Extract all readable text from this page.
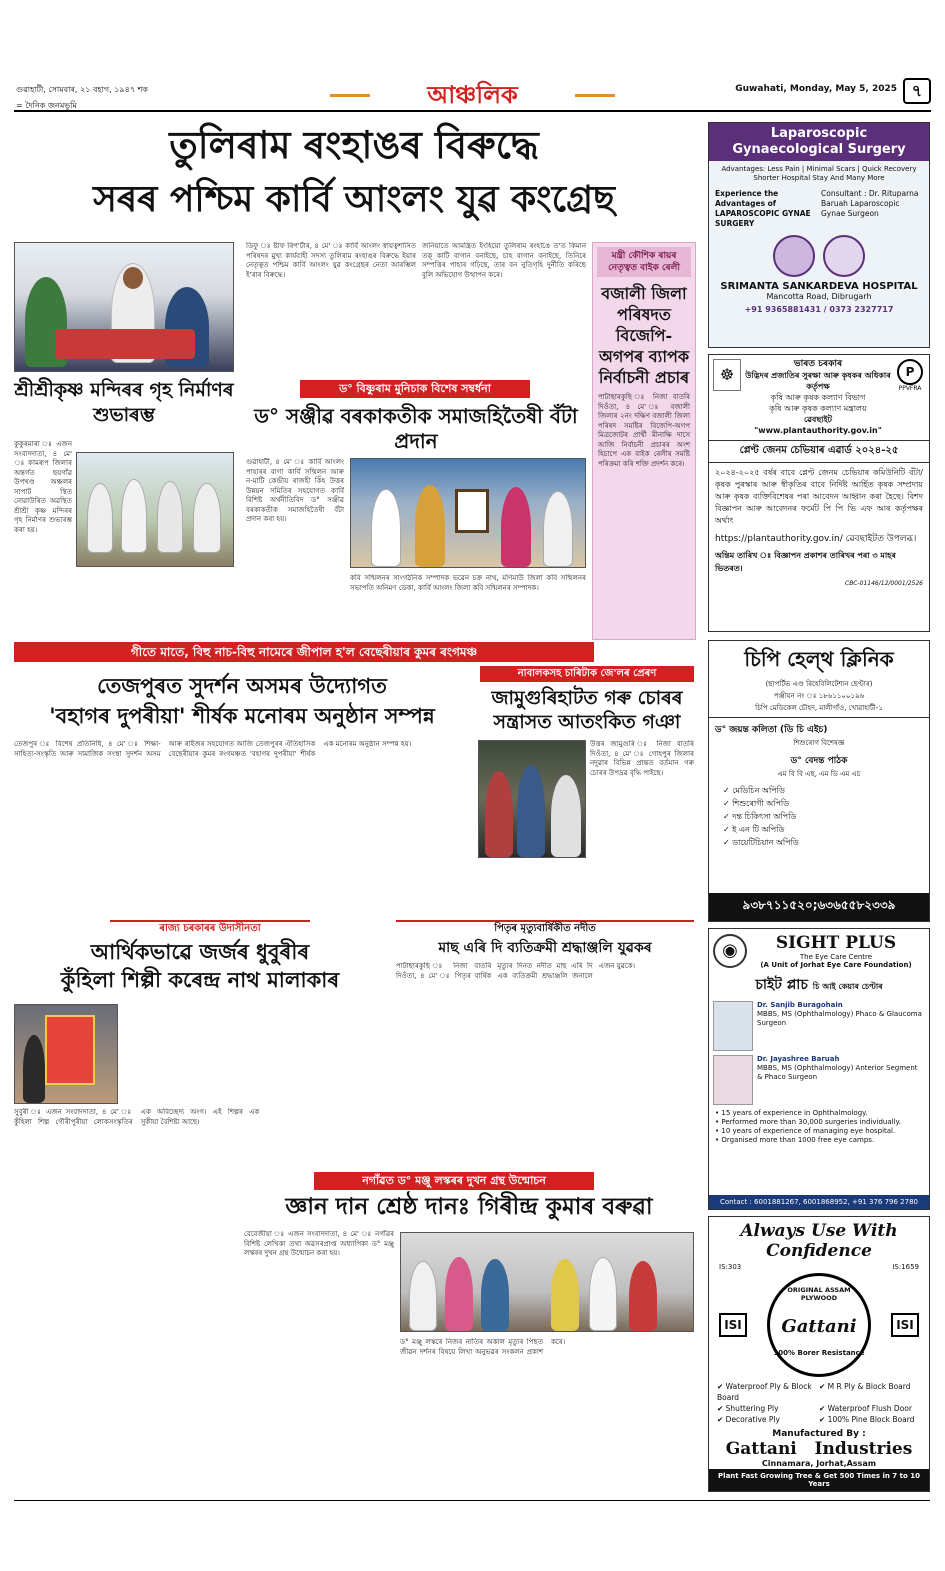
গুৱাহাটী, সোমবাৰ, ২১ বহাগ, ১৯৪৭ শক
= দৈনিক জনমভূমি	আঞ্চলিক	Guwahati, Monday, May 5, 2025 ৭
তুলিৰাম ৰংহাঙৰ বিৰুদ্ধে
সৰৰ পশ্চিম কাৰ্বি আংলং যুৱ কংগ্ৰেছ
ডিফু ঃ ষ্টাফ ৰিপ'ৰ্টাৰ, ৪ মে' ঃ কাৰ্বি আংলং স্বায়ত্বশাসিত পৰিষদৰ মুখ্য কাৰ্যবাহী সদস্য তুলিৰাম ৰংহাঙৰ বিৰুদ্ধে ইয়াৰ নেতৃত্বত পশ্চিম কাৰ্বি আংলং যুৱ কংগ্ৰেছৰ নেতা আৰম্ভিল ই'ৰাৰ বিৰুদ্ধে।
জনিয়াতে আমন্ত্ৰিত ইংহিয়ো তুলিৰাম ৰংহাঙে ত'ত কিমান তক্ কাটি বাগান বনাইছে, চাহ বাগান বনাইছে, তিনিৰে সম্পত্তিৰ পাহাৰ গঢ়িছে, তাৰ বন নুতিগৃহি দুৰ্নীতি কৰিছে বুলি অভিযোগ উত্থাপন কৰে।
মন্ত্ৰী কৌশিক ৰায়ৰ নেতৃত্বত বাইক ৰেলী
বজালী জিলা পৰিষদত বিজেপি-অগপৰ ব্যাপক নিৰ্বাচনী প্ৰচাৰ
পাটাছাৰকুছি ঃ নিজা বাতৰি দিওঁতা, ৪ মে' ঃ বজালী জিলাৰ ২নং দক্ষিণ বজালী জিলা পৰিষদ সমষ্টিৰ বিজেপি-অগপ মিত্ৰজোটৰ প্ৰাৰ্থী মীনাক্ষি দাসে আজি নিৰ্বাচনী প্ৰচাৰৰ অংশ হিচাপে এক বাইক ৰেলীৰ সমষ্টি পৰিক্ৰমা কৰি শক্তি প্ৰদৰ্শন কৰে।
শ্ৰীশ্ৰীকৃষ্ণ মন্দিৰৰ গৃহ নিৰ্মাণৰ শুভাৰম্ভ
কুকুৰমাৰা ঃ এজন সংবাদদাতা, ৪ মে' ঃ কামৰূপ জিলাৰ অন্তৰ্গত ছয়গাঁৱ উপখণ্ড অঞ্চলৰ সাপাট স্থিত নোৱাউৰিত অৱস্থিত শ্ৰীশ্ৰী কৃষ্ণ মন্দিৰৰ গৃহ নিৰ্মাণৰ শুভাৰম্ভ কৰা হয়।
ড° বিষ্ণুৰাম মুনিচাক বিশেষ সম্বৰ্ধনা
ড° সঞ্জীৱ বৰকাকতীক সমাজহিতৈষী বঁটা প্ৰদান
গুৱাহাটী, ৪ মে' ঃ কাৰ্বি আংলং পাহাৰৰ বাগা কাৰ্বি সন্মিলন আৰু ন-মাটি কেন্দ্ৰীয় ৰাজহী কিঁহ উত্তৰ উন্নয়ন সমিতিৰ সহযোগত কাৰ্বি বিশিষ্ট অৰ্থনীতিবিদ ড° সঞ্জীৱ বৰকাকতীক সমাজহিতৈষী বঁটা প্ৰদান কৰা হয়।
কবি সন্মিলনৰ সাংগঠনিক সম্পাদক ভৱেন চক্ৰ নাথ, মণিমাউ জিলা কবি সন্মিলনৰ সভাপতি অনিমণ ডেকা, কাৰ্বি আংলং জিলা কবি সন্মিলনৰ সম্পাদক।
গীতে মাতে, বিহু নাচ-বিহু নামেৰে জীপাল হ'ল বেছেৰীয়াৰ কুমৰ ৰংগমঞ্চ
তেজপুৰত সুদৰ্শন অসমৰ উদ্যোগত
'বহাগৰ দুপৰীয়া' শীৰ্ষক মনোৰম অনুষ্ঠান সম্পন্ন
তেজপুৰ ঃ বিশেষ প্ৰতিনিধি, ৪ মে' ঃ শিক্ষা-সাহিত্য-সংস্কৃতি আৰু সামাজিক সংস্থা সুদৰ্শন অসম আৰু ৰাইজৰ সহযোগত আজি তেজপুৰৰ ঐতিহাসিক বেছেৰীয়াৰ কুমৰ ৰংগমঞ্চত 'বহাগৰ দুপৰীয়া' শীৰ্ষক এক মনোৰম অনুষ্ঠান সম্পন্ন হয়।
নাবালকসহ চাৰিটাক জে'লৰ প্ৰেৰণ
জামুগুৰিহাটত গৰু চোৰৰ সন্ত্ৰাসত আতংকিত গঞা
উত্তৰ জামুগুৰি ঃ নিজা বাতৰি দিওঁতা, ৪ মে' ঃ গোহপুৰ জিলাৰ নদুৱাৰ বিভিন্ন প্ৰান্তত বৰ্তমান গৰু চোৰৰ উপদ্ৰৱ বৃদ্ধি পাইছে।
ৰাজ্য চৰকাৰৰ উদাসীনতা
আৰ্থিকভাৱে জৰ্জৰ ধুবুৰীৰ
কুঁহিলা শিল্পী কৰেন্দ্ৰ নাথ মালাকাৰ
সুবুৰী ঃ এজন সংবাদদাতা, ৪ মে' ঃ কুঁহিলা শিল্প গৌৰীপুৰীয়া লোকসংস্কৃতিৰ এক অবিচ্ছেদ্য অংগ। এই শিল্পৰ এক সুকীয়া বৈশিষ্ট্য আছে।
পিতৃৰ মৃত্যুবাৰ্ষিকীত নদীত
মাছ এৰি দি ব্যতিক্ৰমী শ্ৰদ্ধাঞ্জলি যুৱকৰ
পাটাছাৰকুছি ঃ নিজা বাতৰি দিওঁতা, ৪ মে' ঃ পিতৃৰ বাৰ্ষিক মৃত্যুৰ দিনত নদীত মাছ এৰি দি এক ব্যতিক্ৰমী শ্ৰদ্ধাঞ্জলি জনালে এজন যুৱকে।
নগাঁৱত ড° মঞ্জু লস্কৰৰ দুখন গ্ৰন্থ উন্মোচন
জ্ঞান দান শ্ৰেষ্ঠ দানঃ গিৰীন্দ্ৰ কুমাৰ বৰুৱা
বেবেজীয়া ঃ এজন সংবাদদাতা, ৪ মে' ঃ নগাঁৱৰ বিশিষ্ট লেখিকা তথা অৱসৰপ্ৰাপ্ত অধ্যাপিকা ড° মঞ্জু লস্কৰৰ দুখন গ্ৰন্থ উন্মোচন কৰা হয়।
ড° মঞ্জু লস্কৰে নিজৰ নাতিৰ অকাল মৃত্যুৰ পিছত জীৱন দৰ্শনৰ বিষয়ে লিখা অনুভৱৰ সংকলন প্ৰকাশ কৰে।
Laparoscopic
Gynaecological Surgery
Advantages: Less Pain | Minimal Scars | Quick Recovery Shorter Hospital Stay And Many More
Experience the Advantages of LAPAROSCOPIC GYNAE SURGERY
Consultant : Dr. Rituparna Baruah Laparoscopic Gynae Surgeon
SRIMANTA SANKARDEVA HOSPITAL
Mancotta Road, Dibrugarh
+91 9365881431 / 0373 2327717
☸
ভাৰত চৰকাৰ
উদ্ভিদৰ প্ৰজাতিৰ সুৰক্ষা আৰু কৃষকৰ অধিকাৰ কৰ্তৃপক্ষ
কৃষি আৰু কৃষক কল্যাণ বিভাগ
কৃষি আৰু কৃষক কল্যাণ মন্ত্ৰালয়
ৱেবছাইট "www.plantauthority.gov.in"
P
PPVFRA
প্লেণ্ট জেনম চেভিয়াৰ এৱাৰ্ড ২০২৪-২৫
২০২৪-২০২৫ বৰ্ষৰ বাবে প্লেণ্ট জেনম চেভিয়াৰ কমিউনিটি বঁটা/কৃষক পুৰস্কাৰ আৰু স্বীকৃতিৰ বাবে নিৰ্দিষ্ট আৰ্হিত কৃষক সম্প্ৰদায় আৰু কৃষক ব্যক্তিবিশেষৰ পৰা আবেদন আহ্বান কৰা হৈছে। বিশদ বিজ্ঞাপন আৰু আবেদনৰ ফৰ্মেট পি পি ভি এফ আৰ কৰ্তৃপক্ষৰ অৰ্থাৎ
https://plantauthority.gov.in/ ৱেবছাইটত উপলব্ধ।
অন্তিম তাৰিখ ঃ বিজ্ঞাপন প্ৰকাশৰ তাৰিখৰ পৰা ৩ মাহৰ ভিতৰত।
CBC-01146/12/0001/2526
চিপি হেল্থ ক্লিনিক
(ছাপৰ্টিভ এণ্ড ৰিহেবিলিটেশ্যন ছেণ্টাৰ)
পঞ্জীয়ন নং ঃ ১৮৬১১০০১৯৬
চিপি মেডিকেল চৌহদ, মালীগাঁও, খোৱাহাটী-১
ড° জয়ন্ত কলিতা (ডি চি এইচ)
শিশুৰোগ বিশেষজ্ঞ
ড° বেদন্ত পাঠক
এম বি বি এছ, এম ডি এম এচ
✓ মেডিচিন অপিডি
✓ শিশুৰোগী অপিডি
✓ দন্ত চিকিৎসা অপিডি
✓ ই এন টি অপিডি
✓ ডায়েটিচিয়ান অপিডি
৯৩৮৭১১৫২০;৬৩৬৫৫৮২৩৩৯
◉	SIGHT PLUS
The Eye Care Centre
(A Unit of Jorhat Eye Care Foundation)
চাইট প্লাচ চি আই কেয়াৰ চেণ্টাৰ
Dr. Sanjib Buragohain
MBBS, MS (Ophthalmology) Phaco & Glaucoma Surgeon
Dr. Jayashree Baruah
MBBS, MS (Ophthalmology) Anterior Segment & Phaco Surgeon
• 15 years of experience in Ophthalmology.
• Performed more than 30,000 surgeries individually.
• 10 years of experience of managing eye hospital.
• Organised more than 1000 free eye camps.
Contact : 6001881267, 6001868952, +91 376 796 2780
Always Use With Confidence
IS:303	IS:1659
ISI
ORIGINAL ASSAM PLYWOOD
Gattani
100% Borer Resistance
ISI
✔ Waterproof Ply & Block Board
✔ M R Ply & Block Board
✔ Shuttering Ply	✔ Waterproof Flush Door
✔ Decorative Ply	✔ 100% Pine Block Board
Manufactured By :
Gattani   Industries
Cinnamara, Jorhat,Assam
Plant Fast Growing Tree & Get 500 Times in 7 to 10 Years
